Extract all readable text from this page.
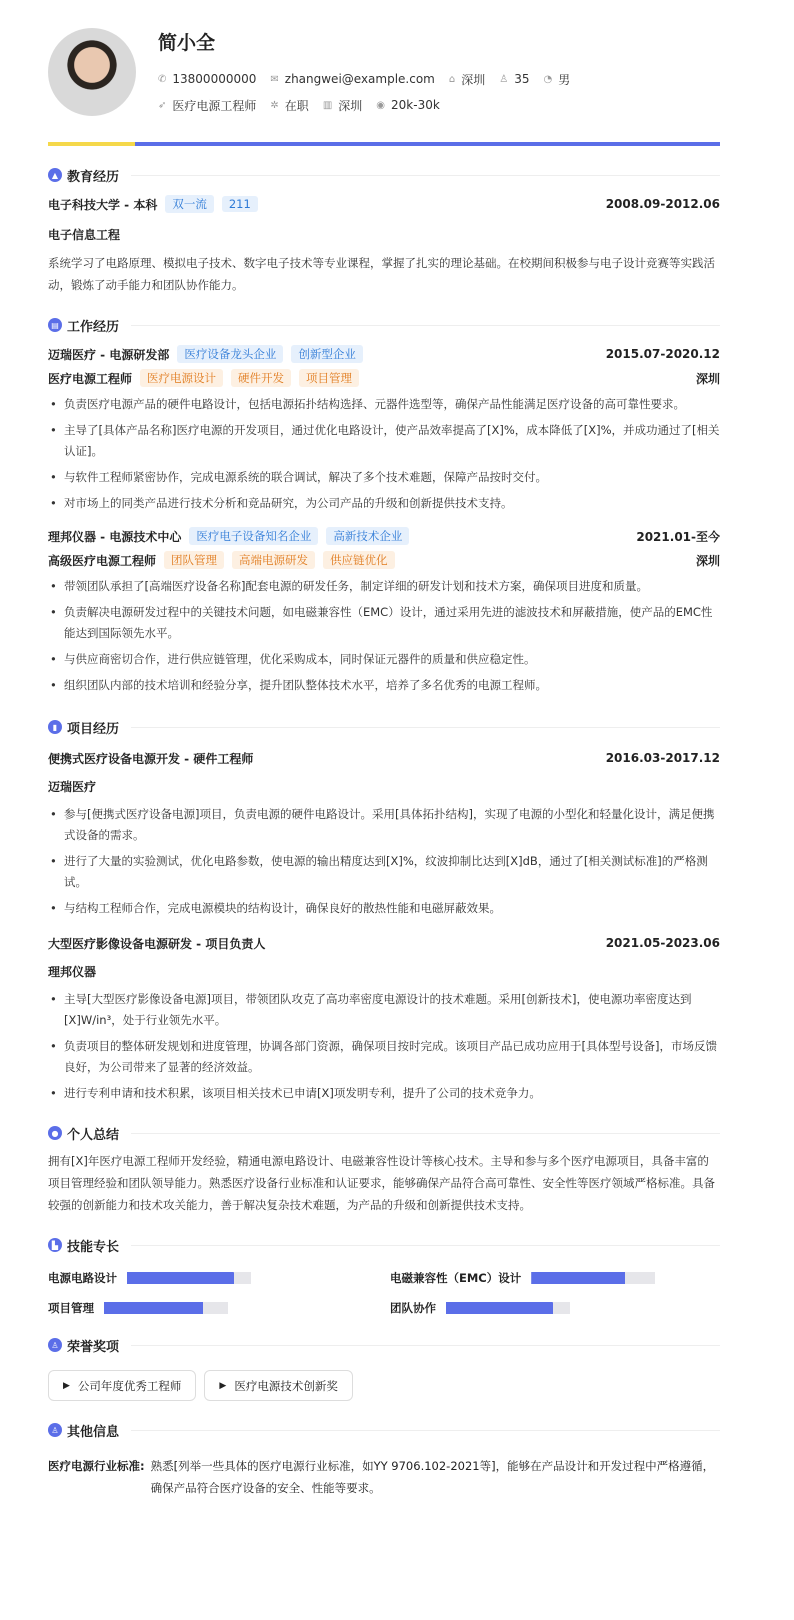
简小全
✆ 13800000000 ✉ zhangwei@example.com ⌂ 深圳 ♙ 35 ◔ 男
➶ 医疗电源工程师 ✲ 在职 ▥ 深圳 ◉ 20k-30k
▲ 教育经历
电子科技大学 - 本科	双一流	211	2008.09-2012.06
电子信息工程

系统学习了电路原理、模拟电子技术、数字电子技术等专业课程，掌握了扎实的理论基础。在校期间积极参与电子设计竞赛等实践活动，锻炼了动手能力和团队协作能力。

▤ 工作经历
迈瑞医疗 - 电源研发部	医疗设备龙头企业	创新型企业	2015.07-2020.12
医疗电源工程师	医疗电源设计	硬件开发	项目管理	深圳
• 负责医疗电源产品的硬件电路设计，包括电源拓扑结构选择、元器件选型等，确保产品性能满足医疗设备的高可靠性要求。
• 主导了[具体产品名称]医疗电源的开发项目，通过优化电路设计，使产品效率提高了[X]%，成本降低了[X]%，并成功通过了[相关认证]。
• 与软件工程师紧密协作，完成电源系统的联合调试，解决了多个技术难题，保障产品按时交付。
• 对市场上的同类产品进行技术分析和竞品研究，为公司产品的升级和创新提供技术支持。
理邦仪器 - 电源技术中心	医疗电子设备知名企业	高新技术企业	2021.01-至今
高级医疗电源工程师	团队管理	高端电源研发	供应链优化	深圳
• 带领团队承担了[高端医疗设备名称]配套电源的研发任务，制定详细的研发计划和技术方案，确保项目进度和质量。
• 负责解决电源研发过程中的关键技术问题，如电磁兼容性（EMC）设计，通过采用先进的滤波技术和屏蔽措施，使产品的EMC性能达到国际领先水平。
• 与供应商密切合作，进行供应链管理，优化采购成本，同时保证元器件的质量和供应稳定性。
• 组织团队内部的技术培训和经验分享，提升团队整体技术水平，培养了多名优秀的电源工程师。
▮ 项目经历
便携式医疗设备电源开发 - 硬件工程师	2016.03-2017.12
迈瑞医疗
• 参与[便携式医疗设备电源]项目，负责电源的硬件电路设计。采用[具体拓扑结构]，实现了电源的小型化和轻量化设计，满足便携式设备的需求。
• 进行了大量的实验测试，优化电路参数，使电源的输出精度达到[X]%，纹波抑制比达到[X]dB，通过了[相关测试标准]的严格测试。
• 与结构工程师合作，完成电源模块的结构设计，确保良好的散热性能和电磁屏蔽效果。
大型医疗影像设备电源研发 - 项目负责人	2021.05-2023.06
理邦仪器
• 主导[大型医疗影像设备电源]项目，带领团队攻克了高功率密度电源设计的技术难题。采用[创新技术]，使电源功率密度达到[X]W/in³，处于行业领先水平。
• 负责项目的整体研发规划和进度管理，协调各部门资源，确保项目按时完成。该项目产品已成功应用于[具体型号设备]，市场反馈良好，为公司带来了显著的经济效益。
• 进行专利申请和技术积累，该项目相关技术已申请[X]项发明专利，提升了公司的技术竞争力。
● 个人总结

拥有[X]年医疗电源工程师开发经验，精通电源电路设计、电磁兼容性设计等核心技术。主导和参与多个医疗电源项目，具备丰富的项目管理经验和团队领导能力。熟悉医疗设备行业标准和认证要求，能够确保产品符合高可靠性、安全性等医疗领域严格标准。具备较强的创新能力和技术攻关能力，善于解决复杂技术难题，为产品的升级和创新提供技术支持。

▙ 技能专长
电源电路设计	电磁兼容性（EMC）设计
项目管理	团队协作
♙ 荣誉奖项
▶ 公司年度优秀工程师	▶ 医疗电源技术创新奖
♙ 其他信息
医疗电源行业标准: 熟悉[列举一些具体的医疗电源行业标准，如YY 9706.102-2021等]，能够在产品设计和开发过程中严格遵循，确保产品符合医疗设备的安全、性能等要求。
